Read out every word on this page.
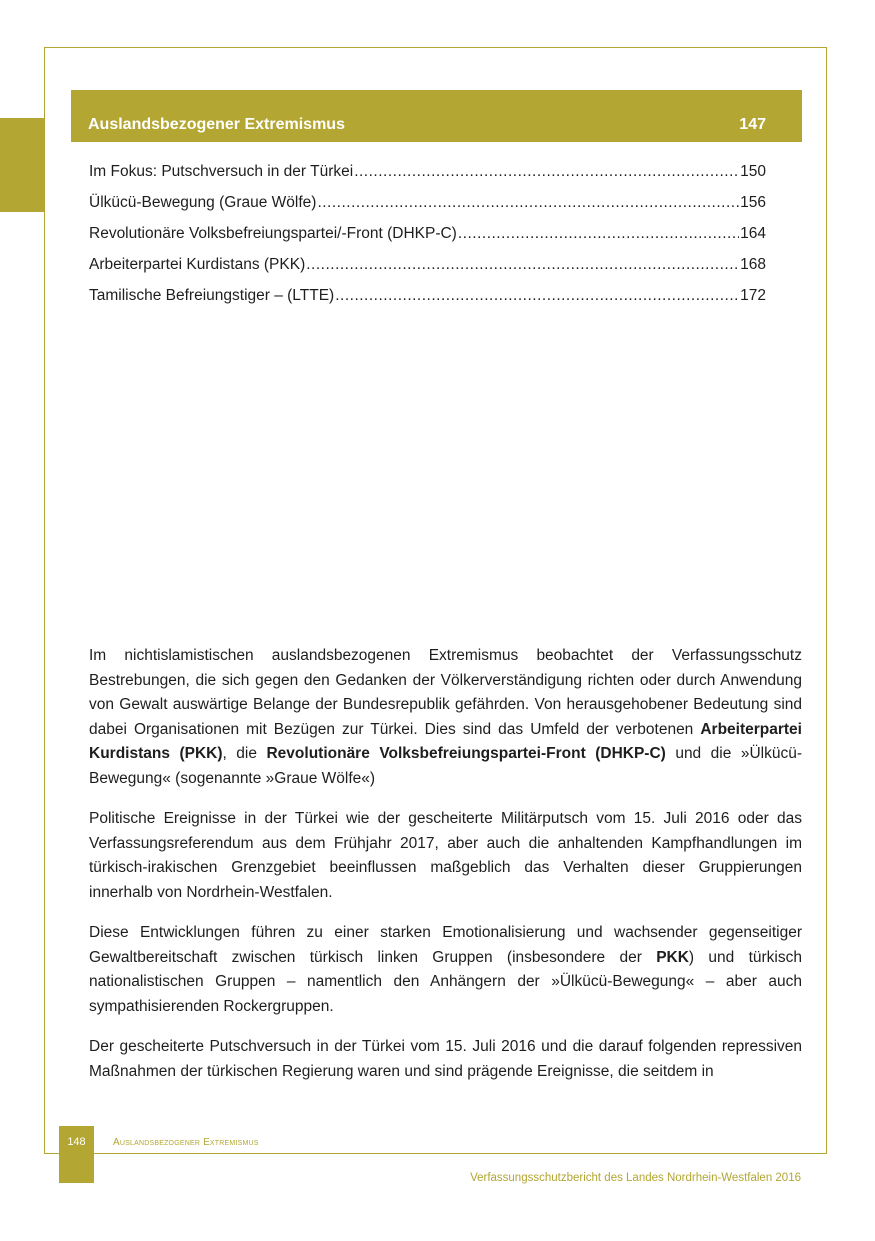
Auslandsbezogener Extremismus	147
Im Fokus: Putschversuch in der Türkei .....	150
Ülkücü-Bewegung (Graue Wölfe) .....	156
Revolutionäre Volksbefreiungspartei/-Front (DHKP-C) .....	164
Arbeiterpartei Kurdistans (PKK) .....	168
Tamilische Befreiungstiger – (LTTE) .....	172

Im nichtislamistischen auslandsbezogenen Extremismus beobachtet der Verfassungsschutz Bestrebungen, die sich gegen den Gedanken der Völkerverständigung richten oder durch Anwendung von Gewalt auswärtige Belange der Bundesrepublik gefährden. Von herausgehobener Bedeutung sind dabei Organisationen mit Bezügen zur Türkei. Dies sind das Umfeld der verbotenen Arbeiterpartei Kurdistans (PKK), die Revolutionäre Volksbefreiungspartei-Front (DHKP-C) und die »Ülkücü-Bewegung« (sogenannte »Graue Wölfe«)

Politische Ereignisse in der Türkei wie der gescheiterte Militärputsch vom 15. Juli 2016 oder das Verfassungsreferendum aus dem Frühjahr 2017, aber auch die anhaltenden Kampfhandlungen im türkisch-irakischen Grenzgebiet beeinflussen maßgeblich das Verhalten dieser Gruppierungen innerhalb von Nordrhein-Westfalen.

Diese Entwicklungen führen zu einer starken Emotionalisierung und wachsender gegenseitiger Gewaltbereitschaft zwischen türkisch linken Gruppen (insbesondere der PKK) und türkisch nationalistischen Gruppen – namentlich den Anhängern der »Ülkücü-Bewegung« – aber auch sympathisierenden Rockergruppen.

Der gescheiterte Putschversuch in der Türkei vom 15. Juli 2016 und die darauf folgenden repressiven Maßnahmen der türkischen Regierung waren und sind prägende Ereignisse, die seitdem in

148	Auslandsbezogener Extremismus
Verfassungsschutzbericht des Landes Nordrhein-Westfalen 2016
